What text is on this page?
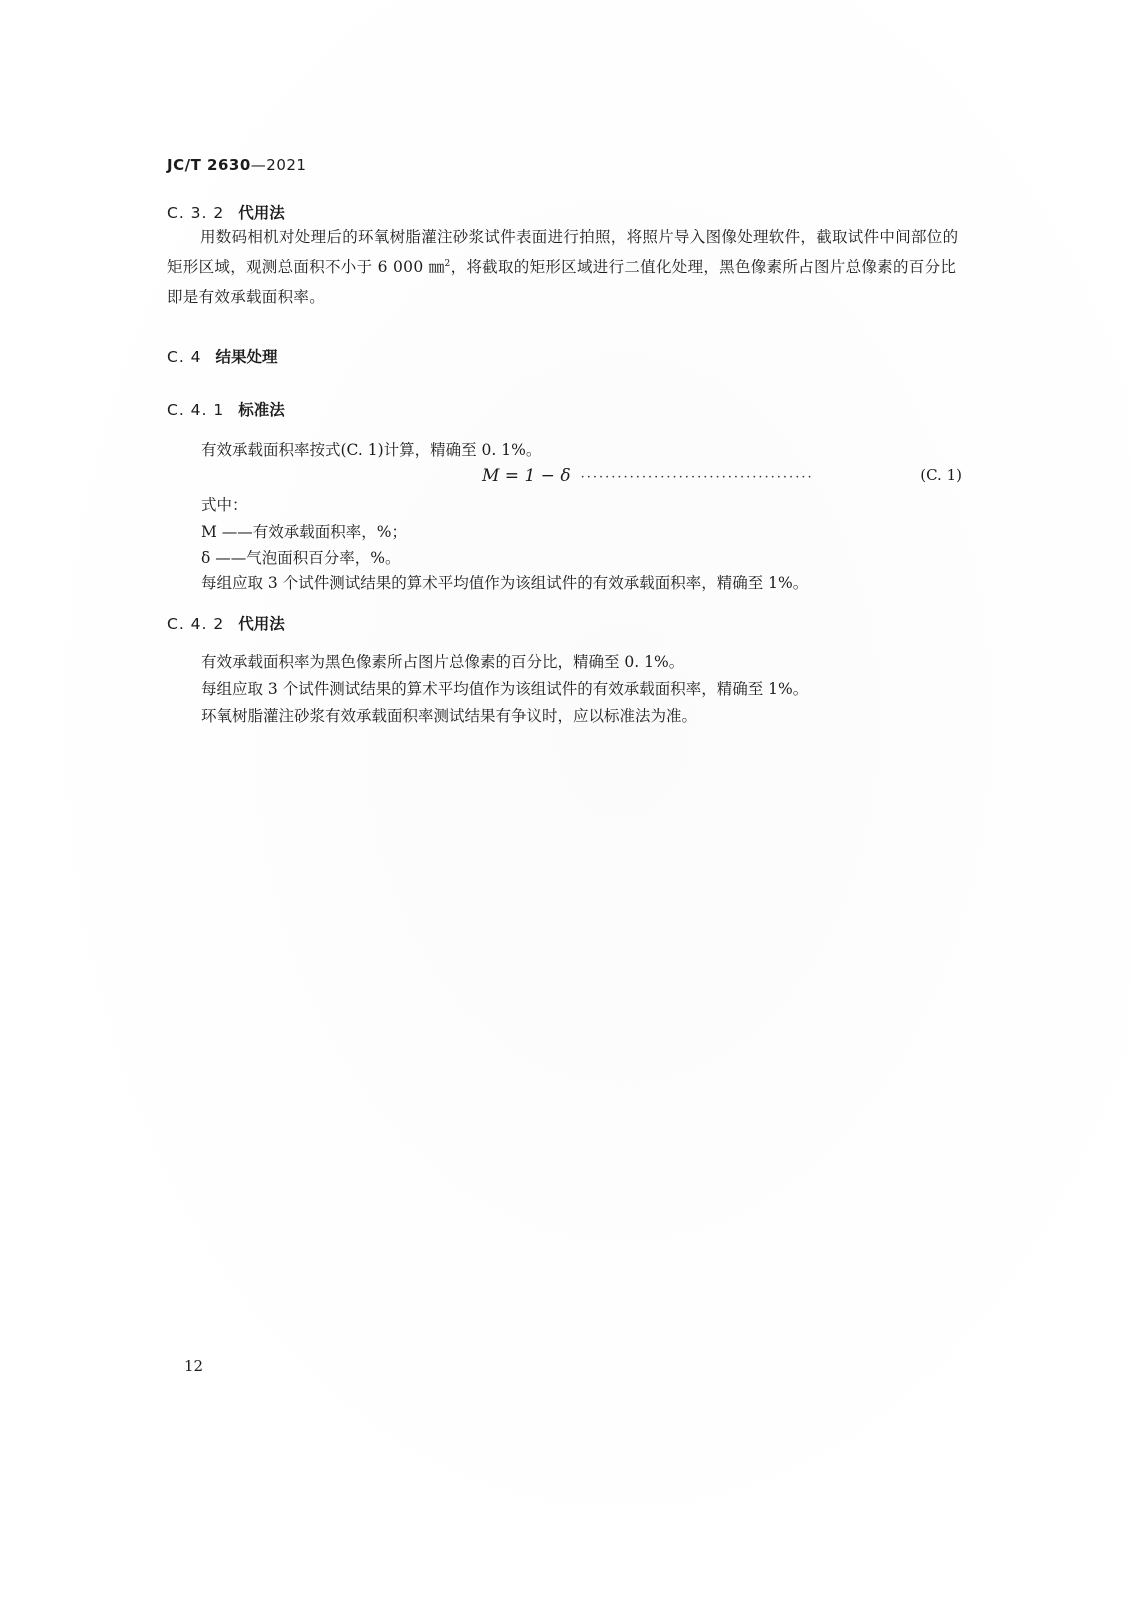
JC/T 2630—2021
C. 3. 2 代用法
用数码相机对处理后的环氧树脂灌注砂浆试件表面进行拍照，将照片导入图像处理软件，截取试件中间部位的矩形区域，观测总面积不小于 6 000 ㎜$^2$，将截取的矩形区域进行二值化处理，黑色像素所占图片总像素的百分比即是有效承载面积率。
C. 4 结果处理
C. 4. 1 标准法
有效承载面积率按式(C. 1)计算，精确至 0. 1%。
M = 1 − δ ······································	(C. 1)
式中：
M ——有效承载面积率，%；
δ ——气泡面积百分率，%。
每组应取 3 个试件测试结果的算术平均值作为该组试件的有效承载面积率，精确至 1%。
C. 4. 2 代用法
有效承载面积率为黑色像素所占图片总像素的百分比，精确至 0. 1%。
每组应取 3 个试件测试结果的算术平均值作为该组试件的有效承载面积率，精确至 1%。
环氧树脂灌注砂浆有效承载面积率测试结果有争议时，应以标准法为准。
12
